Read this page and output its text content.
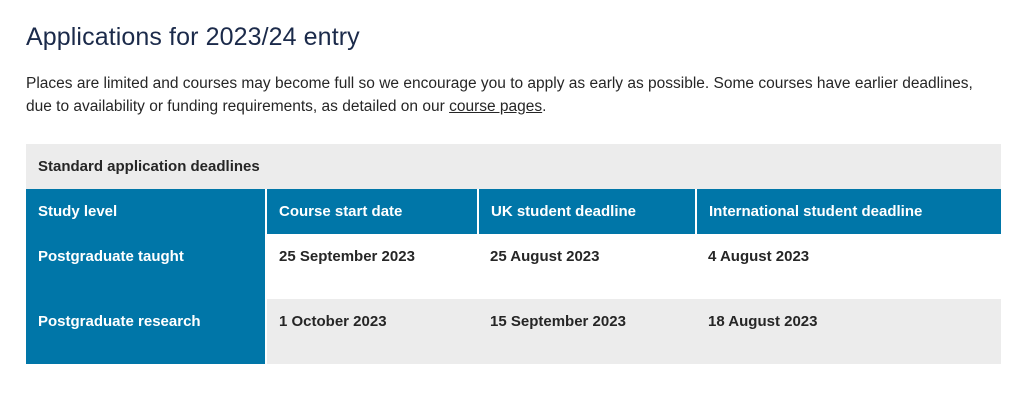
Applications for 2023/24 entry

Places are limited and courses may become full so we encourage you to apply as early as possible. Some courses have earlier deadlines, due to availability or funding requirements, as detailed on our course pages.

Standard application deadlines
Study level	Course start date	UK student deadline	International student deadline
Postgraduate taught	25 September 2023	25 August 2023	4 August 2023
Postgraduate research	1 October 2023	15 September 2023	18 August 2023
